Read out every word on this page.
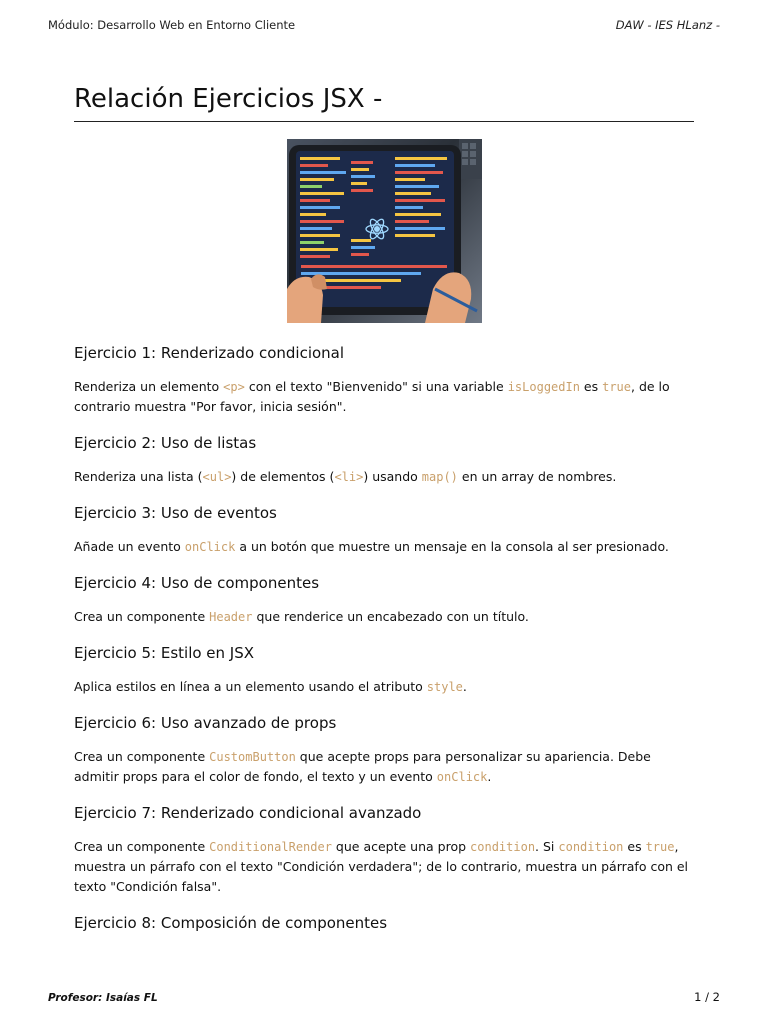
Módulo: Desarrollo Web en Entorno Cliente	DAW - IES HLanz -
Relación Ejercicios JSX -
Ejercicio 1: Renderizado condicional

Renderiza un elemento <p> con el texto "Bienvenido" si una variable isLoggedIn es true, de lo contrario muestra "Por favor, inicia sesión".

Ejercicio 2: Uso de listas

Renderiza una lista (<ul>) de elementos (<li>) usando map() en un array de nombres.

Ejercicio 3: Uso de eventos

Añade un evento onClick a un botón que muestre un mensaje en la consola al ser presionado.

Ejercicio 4: Uso de componentes

Crea un componente Header que renderice un encabezado con un título.

Ejercicio 5: Estilo en JSX

Aplica estilos en línea a un elemento usando el atributo style.

Ejercicio 6: Uso avanzado de props

Crea un componente CustomButton que acepte props para personalizar su apariencia. Debe admitir props para el color de fondo, el texto y un evento onClick.

Ejercicio 7: Renderizado condicional avanzado

Crea un componente ConditionalRender que acepte una prop condition. Si condition es true, muestra un párrafo con el texto "Condición verdadera"; de lo contrario, muestra un párrafo con el texto "Condición falsa".

Ejercicio 8: Composición de componentes
Profesor: Isaías FL	1 / 2
